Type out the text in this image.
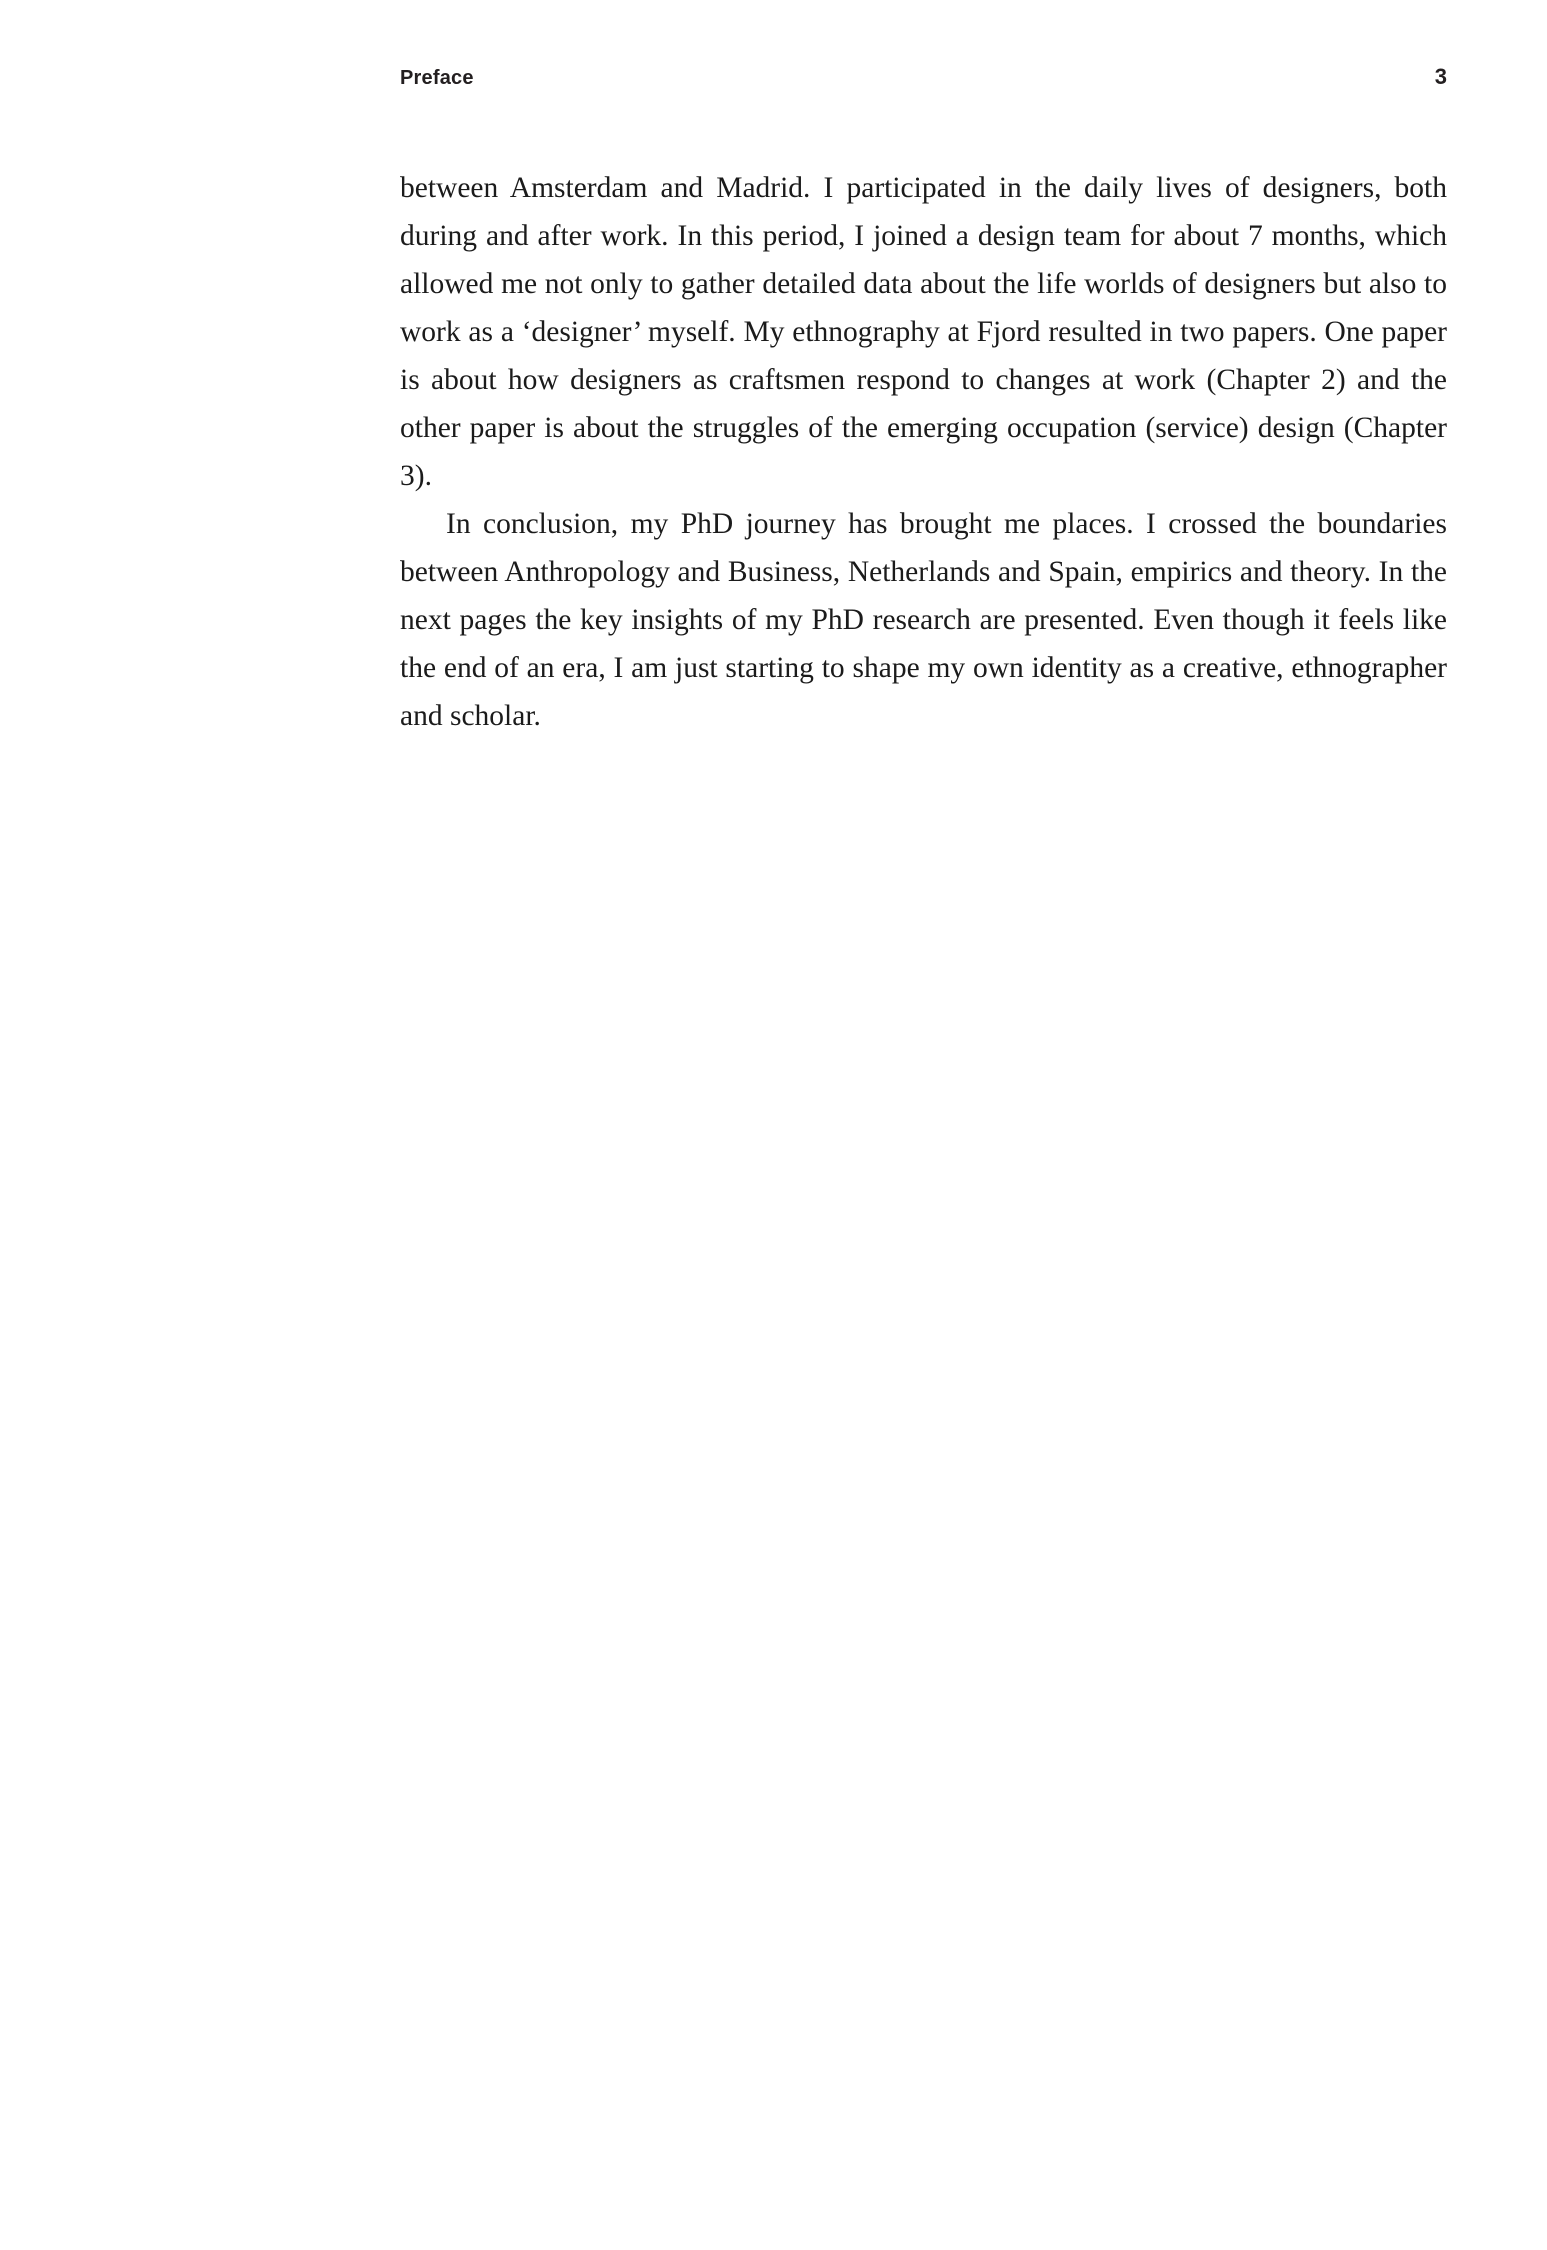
Preface	3

between Amsterdam and Madrid. I participated in the daily lives of designers, both during and after work. In this period, I joined a design team for about 7 months, which allowed me not only to gather detailed data about the life worlds of designers but also to work as a ‘designer’ myself. My ethnography at Fjord resulted in two papers. One paper is about how designers as craftsmen respond to changes at work (Chapter 2) and the other paper is about the struggles of the emerging occupation (service) design (Chapter 3).

In conclusion, my PhD journey has brought me places. I crossed the boundaries between Anthropology and Business, Netherlands and Spain, empirics and theory. In the next pages the key insights of my PhD research are presented. Even though it feels like the end of an era, I am just starting to shape my own identity as a creative, ethnographer and scholar.
